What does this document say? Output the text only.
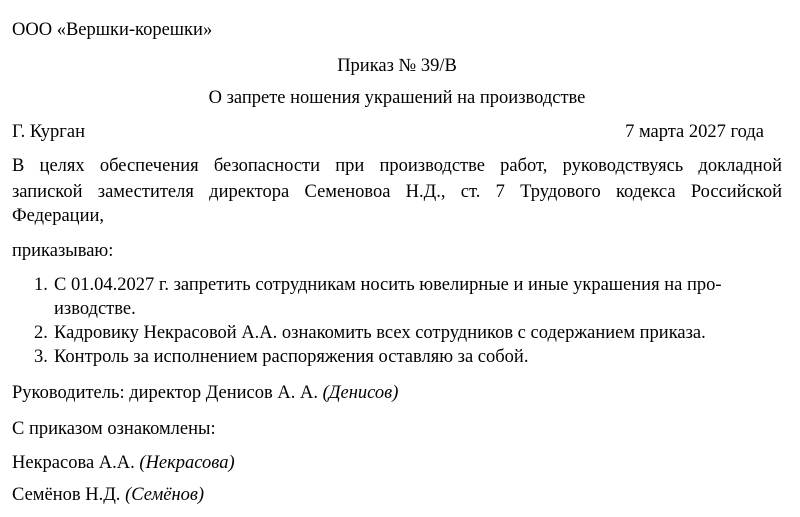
ООО «Вершки-корешки»
Приказ № 39/В
О запрете ношения украшений на производстве
Г. Курган	7 марта 2027 года
В целях обеспечения безопасности при производстве работ, руководствуясь докладной
запиской заместителя директора Семеновоа Н.Д., ст. 7 Трудового кодекса Российской
Федерации,
приказываю:
1. С 01.04.2027 г. запретить сотрудникам носить ювелирные и иные украшения на про-
изводстве.
2. Кадровику Некрасовой А.А. ознакомить всех сотрудников с содержанием приказа.
3. Контроль за исполнением распоряжения оставляю за собой.
Руководитель: директор Денисов А. А. (Денисов)
С приказом ознакомлены:
Некрасова А.А. (Некрасова)
Семёнов Н.Д. (Семёнов)
